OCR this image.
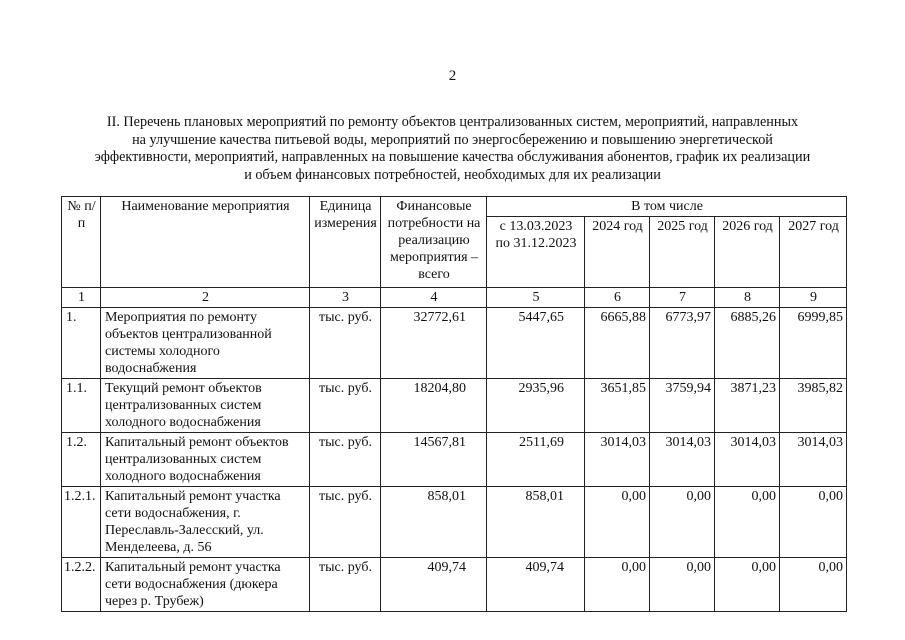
2
II. Перечень плановых мероприятий по ремонту объектов централизованных систем, мероприятий, направленных
на улучшение качества питьевой воды, мероприятий по энергосбережению и повышению энергетической
эффективности, мероприятий, направленных на повышение качества обслуживания абонентов, график их реализации
и объем финансовых потребностей, необходимых для их реализации
№ п/п	Наименование мероприятия	Единица измерения	Финансовые потребности на реализацию мероприятия – всего	В том числе				
				с 13.03.2023 по 31.12.2023	2024 год	2025 год	2026 год	2027 год
1	2	3	4	5	6	7	8	9
1.	Мероприятия по ремонту объектов централизованной системы холодного водоснабжения	тыс. руб.	32772,61	5447,65	6665,88	6773,97	6885,26	6999,85
1.1.	Текущий ремонт объектов централизованных систем холодного водоснабжения	тыс. руб.	18204,80	2935,96	3651,85	3759,94	3871,23	3985,82
1.2.	Капитальный ремонт объектов централизованных систем холодного водоснабжения	тыс. руб.	14567,81	2511,69	3014,03	3014,03	3014,03	3014,03
1.2.1.	Капитальный ремонт участка сети водоснабжения, г. Переславль-Залесский, ул. Менделеева, д. 56	тыс. руб.	858,01	858,01	0,00	0,00	0,00	0,00
1.2.2.	Капитальный ремонт участка сети водоснабжения (дюкера через р. Трубеж)	тыс. руб.	409,74	409,74	0,00	0,00	0,00	0,00
